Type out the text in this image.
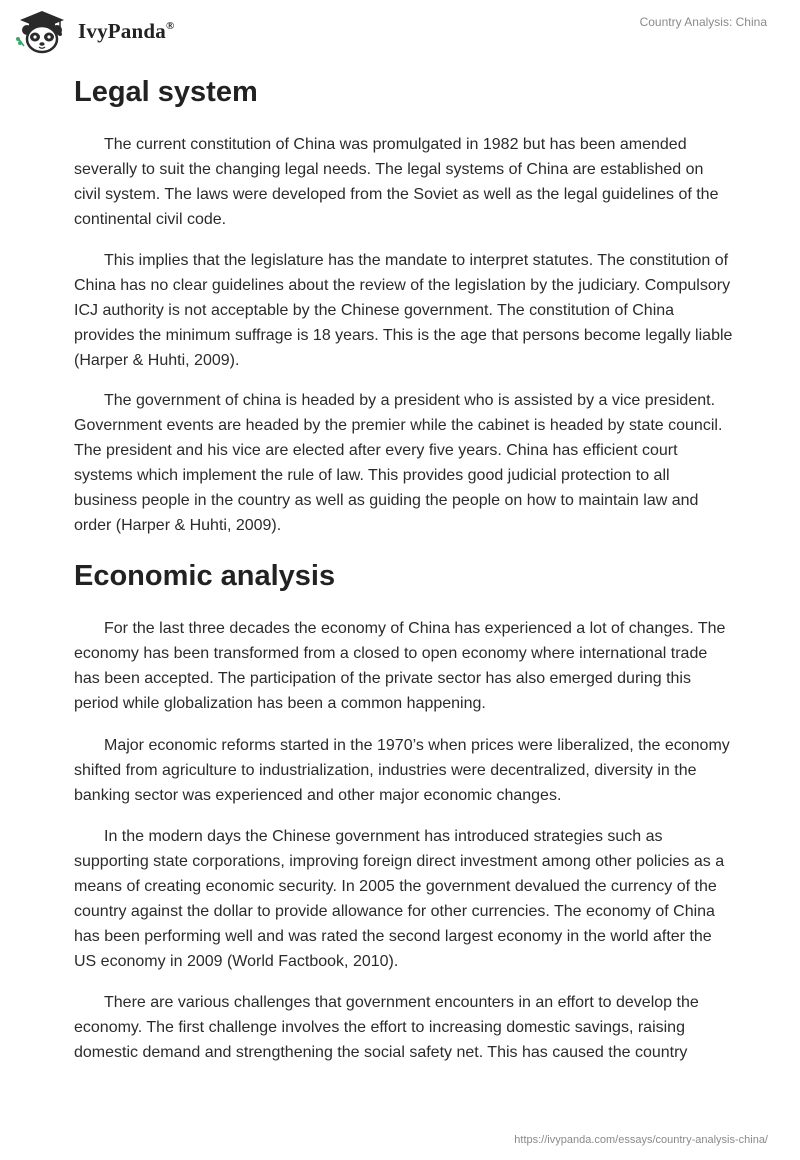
IvyPanda®	Country Analysis: China
Legal system

The current constitution of China was promulgated in 1982 but has been amended severally to suit the changing legal needs. The legal systems of China are established on civil system. The laws were developed from the Soviet as well as the legal guidelines of the continental civil code.

This implies that the legislature has the mandate to interpret statutes. The constitution of China has no clear guidelines about the review of the legislation by the judiciary. Compulsory ICJ authority is not acceptable by the Chinese government. The constitution of China provides the minimum suffrage is 18 years. This is the age that persons become legally liable (Harper & Huhti, 2009).

The government of china is headed by a president who is assisted by a vice president. Government events are headed by the premier while the cabinet is headed by state council. The president and his vice are elected after every five years. China has efficient court systems which implement the rule of law. This provides good judicial protection to all business people in the country as well as guiding the people on how to maintain law and order (Harper & Huhti, 2009).

Economic analysis

For the last three decades the economy of China has experienced a lot of changes. The economy has been transformed from a closed to open economy where international trade has been accepted. The participation of the private sector has also emerged during this period while globalization has been a common happening.

Major economic reforms started in the 1970’s when prices were liberalized, the economy shifted from agriculture to industrialization, industries were decentralized, diversity in the banking sector was experienced and other major economic changes.

In the modern days the Chinese government has introduced strategies such as supporting state corporations, improving foreign direct investment among other policies as a means of creating economic security. In 2005 the government devalued the currency of the country against the dollar to provide allowance for other currencies. The economy of China has been performing well and was rated the second largest economy in the world after the US economy in 2009 (World Factbook, 2010).

There are various challenges that government encounters in an effort to develop the economy. The first challenge involves the effort to increasing domestic savings, raising domestic demand and strengthening the social safety net. This has caused the country

https://ivypanda.com/essays/country-analysis-china/
